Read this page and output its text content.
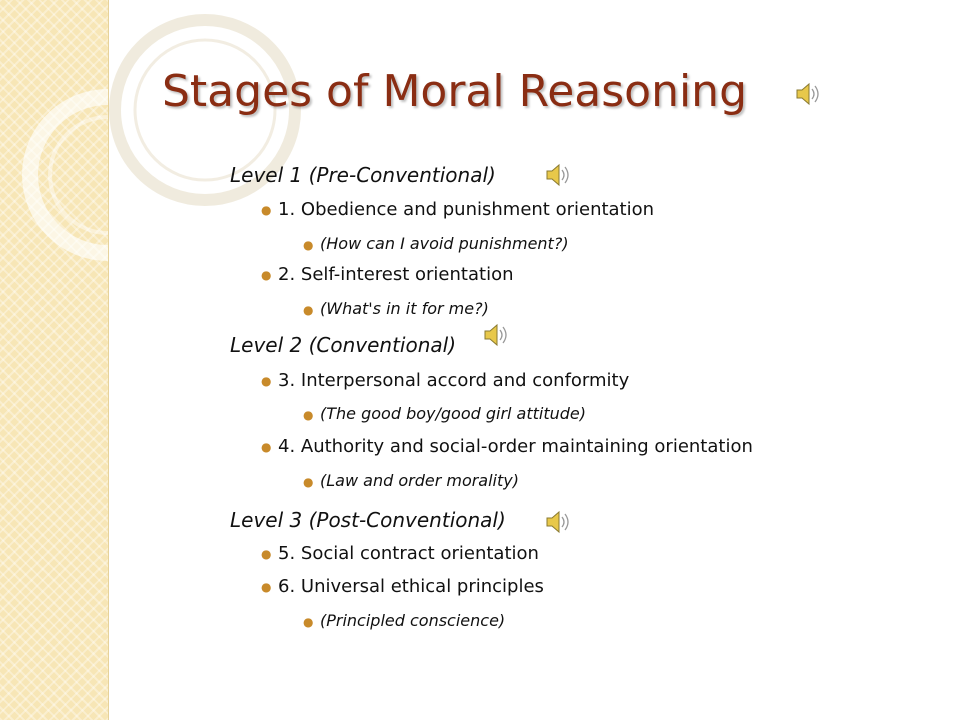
Stages of Moral Reasoning
Level 1 (Pre-Conventional)
● 1. Obedience and punishment orientation
● (How can I avoid punishment?)
● 2. Self-interest orientation
● (What's in it for me?)
Level 2 (Conventional)
● 3. Interpersonal accord and conformity
● (The good boy/good girl attitude)
● 4. Authority and social-order maintaining orientation
● (Law and order morality)
Level 3 (Post-Conventional)
● 5. Social contract orientation
● 6. Universal ethical principles
● (Principled conscience)
